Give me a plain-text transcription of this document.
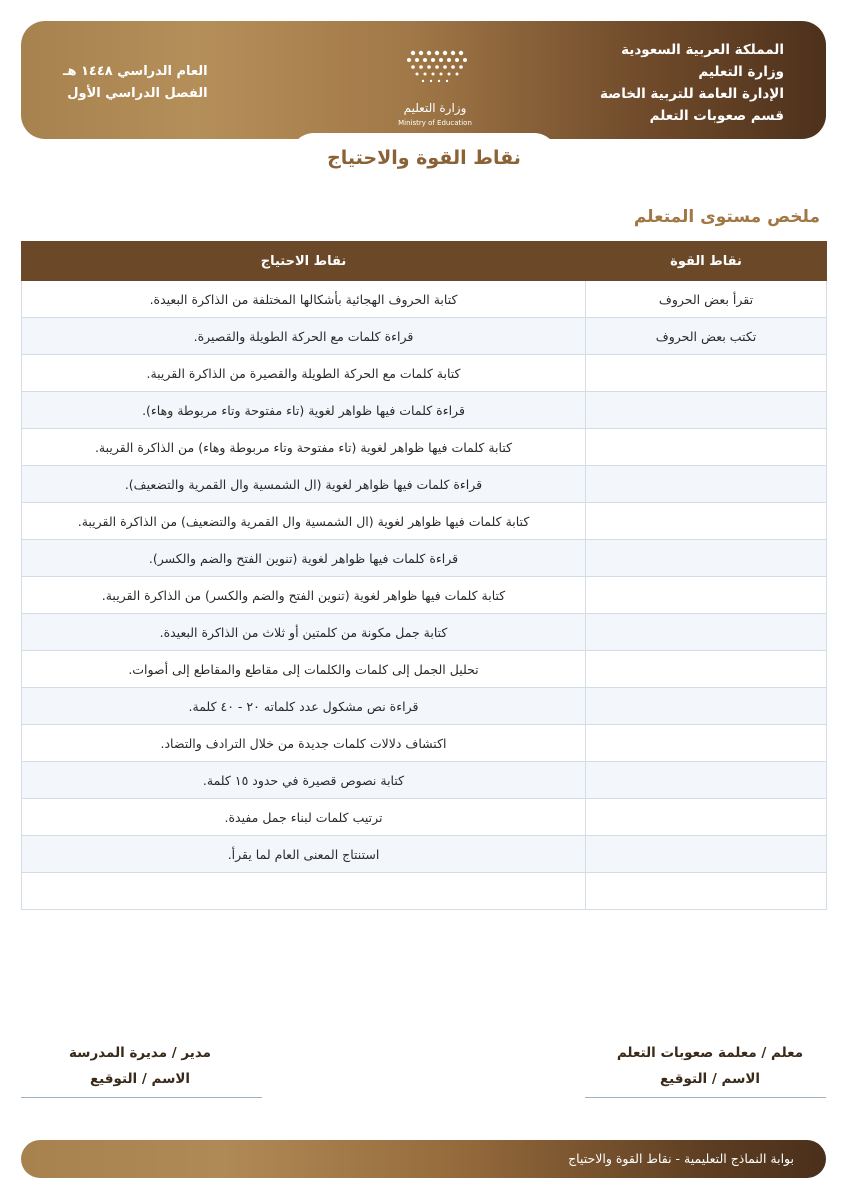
المملكة العربية السعودية
وزارة التعليم
الإدارة العامة للتربية الخاصة
قسم صعوبات التعلم
وزارة التعليم
Ministry of Education
العام الدراسي ١٤٤٨ هـ
الفصل الدراسي الأول
نقاط القوة والاحتياج
ملخص مستوى المتعلم
نقاط القوة	نقاط الاحتياج
تقرأ بعض الحروف	كتابة الحروف الهجائية بأشكالها المختلفة من الذاكرة البعيدة.
تكتب بعض الحروف	قراءة كلمات مع الحركة الطويلة والقصيرة.
	كتابة كلمات مع الحركة الطويلة والقصيرة من الذاكرة القريبة.
	قراءة كلمات فيها ظواهر لغوية (تاء مفتوحة وتاء مربوطة وهاء).
	كتابة كلمات فيها ظواهر لغوية (تاء مفتوحة وتاء مربوطة وهاء) من الذاكرة القريبة.
	قراءة كلمات فيها ظواهر لغوية (ال الشمسية وال القمرية والتضعيف).
	كتابة كلمات فيها ظواهر لغوية (ال الشمسية وال القمرية والتضعيف) من الذاكرة القريبة.
	قراءة كلمات فيها ظواهر لغوية (تنوين الفتح والضم والكسر).
	كتابة كلمات فيها ظواهر لغوية (تنوين الفتح والضم والكسر) من الذاكرة القريبة.
	كتابة جمل مكونة من كلمتين أو ثلاث من الذاكرة البعيدة.
	تحليل الجمل إلى كلمات والكلمات إلى مقاطع والمقاطع إلى أصوات.
	قراءة نص مشكول عدد كلماته ٢٠ - ٤٠ كلمة.
	اكتشاف دلالات كلمات جديدة من خلال الترادف والتضاد.
	كتابة نصوص قصيرة في حدود ١٥ كلمة.
	ترتيب كلمات لبناء جمل مفيدة.
	استنتاج المعنى العام لما يقرأ.

معلم / معلمة صعوبات التعلم
الاسم / التوقيع
مدير / مديرة المدرسة
الاسم / التوقيع
بوابة النماذج التعليمية - نقاط القوة والاحتياج
